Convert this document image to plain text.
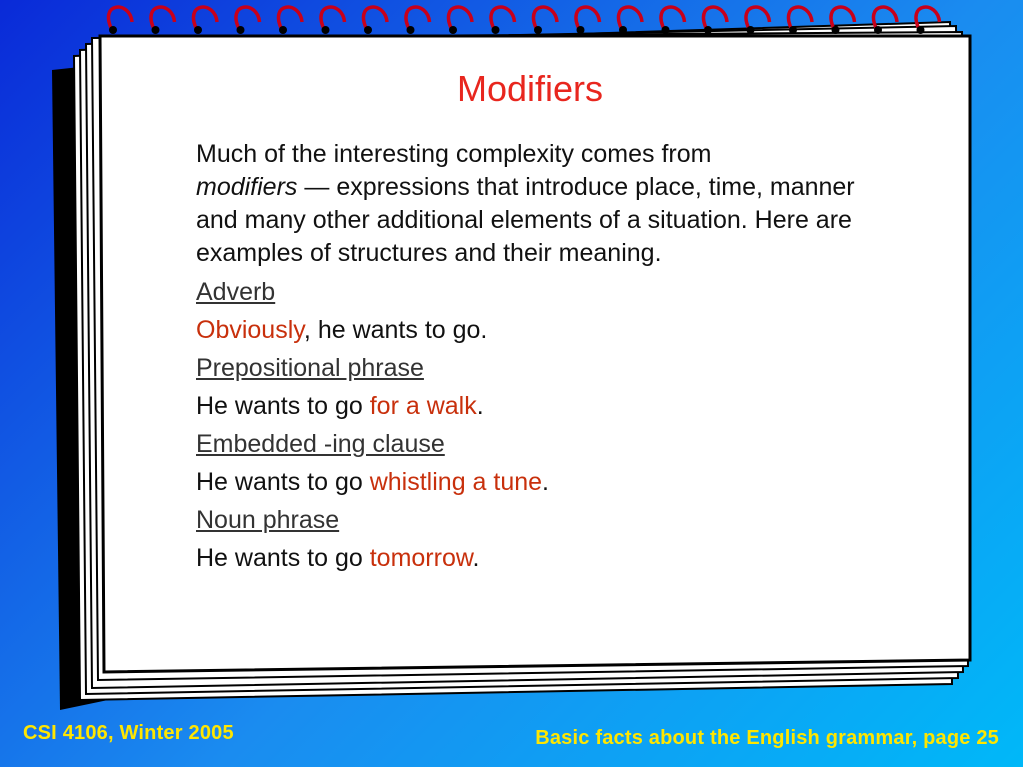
Modifiers
Much of the interesting complexity comes from
modifiers — expressions that introduce place, time, manner and many other additional elements of a situation. Here are examples of structures and their meaning.
Adverb
Obviously, he wants to go.
Prepositional phrase
He wants to go for a walk.
Embedded -ing clause
He wants to go whistling a tune.
Noun phrase
He wants to go tomorrow.
CSI 4106, Winter 2005	Basic facts about the English grammar, page 25
